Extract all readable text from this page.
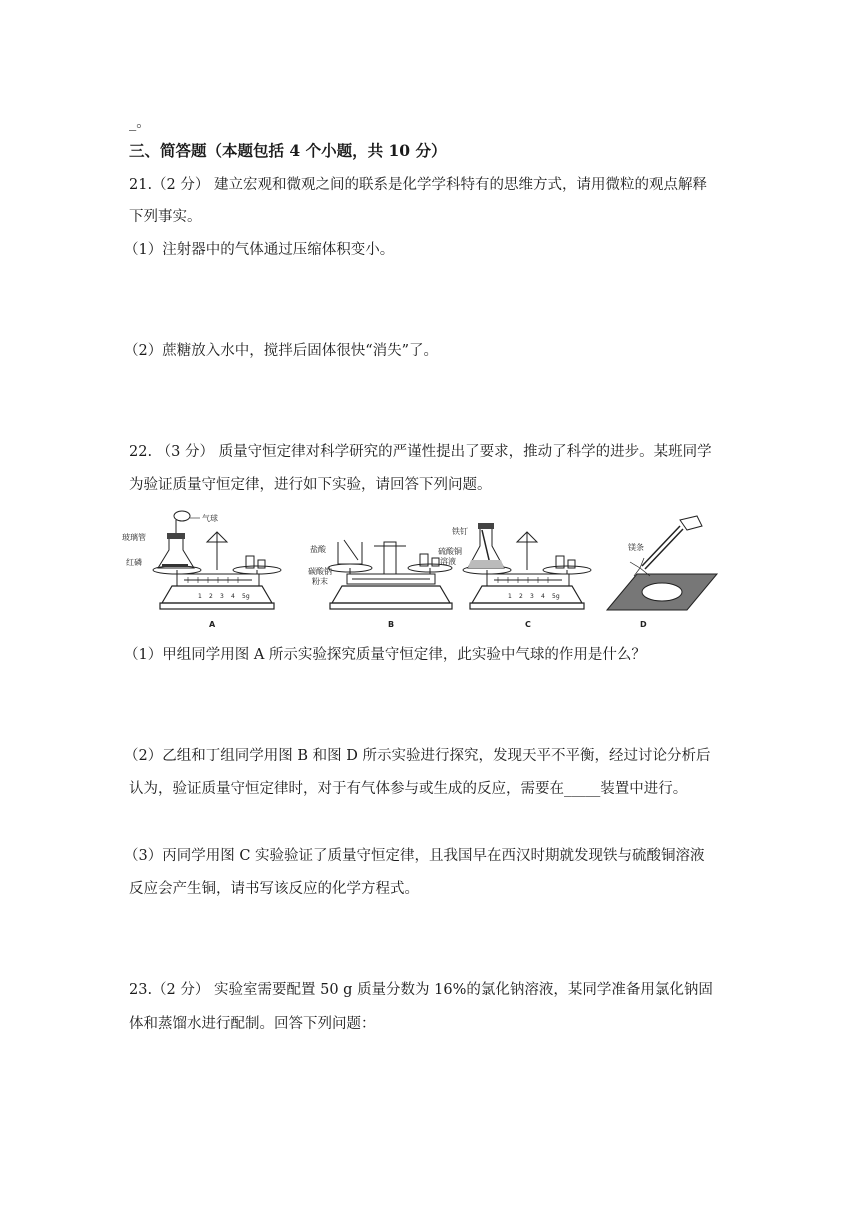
_。
三、简答题（本题包括 4 个小题，共 10 分）
21.（2 分） 建立宏观和微观之间的联系是化学学科特有的思维方式，请用微粒的观点解释
下列事实。
（1）注射器中的气体通过压缩体积变小。
（2）蔗糖放入水中，搅拌后固体很快“消失”了。
22. （3 分） 质量守恒定律对科学研究的严谨性提出了要求，推动了科学的进步。某班同学
为验证质量守恒定律，进行如下实验，请回答下列问题。
气球
玻璃管
红磷
A
盐酸
碳酸钠
粉末
B
铁钉
硫酸铜
溶液
C
镁条
D
1 2 3 4 5g	1 2 3 4 5g
（1）甲组同学用图 A 所示实验探究质量守恒定律，此实验中气球的作用是什么？
（2）乙组和丁组同学用图 B 和图 D 所示实验进行探究，发现天平不平衡，经过讨论分析后
认为，验证质量守恒定律时，对于有气体参与或生成的反应，需要在_____装置中进行。
（3）丙同学用图 C 实验验证了质量守恒定律，且我国早在西汉时期就发现铁与硫酸铜溶液
反应会产生铜，请书写该反应的化学方程式。
23.（2 分） 实验室需要配置 50 g 质量分数为 16%的氯化钠溶液，某同学准备用氯化钠固
体和蒸馏水进行配制。回答下列问题：
